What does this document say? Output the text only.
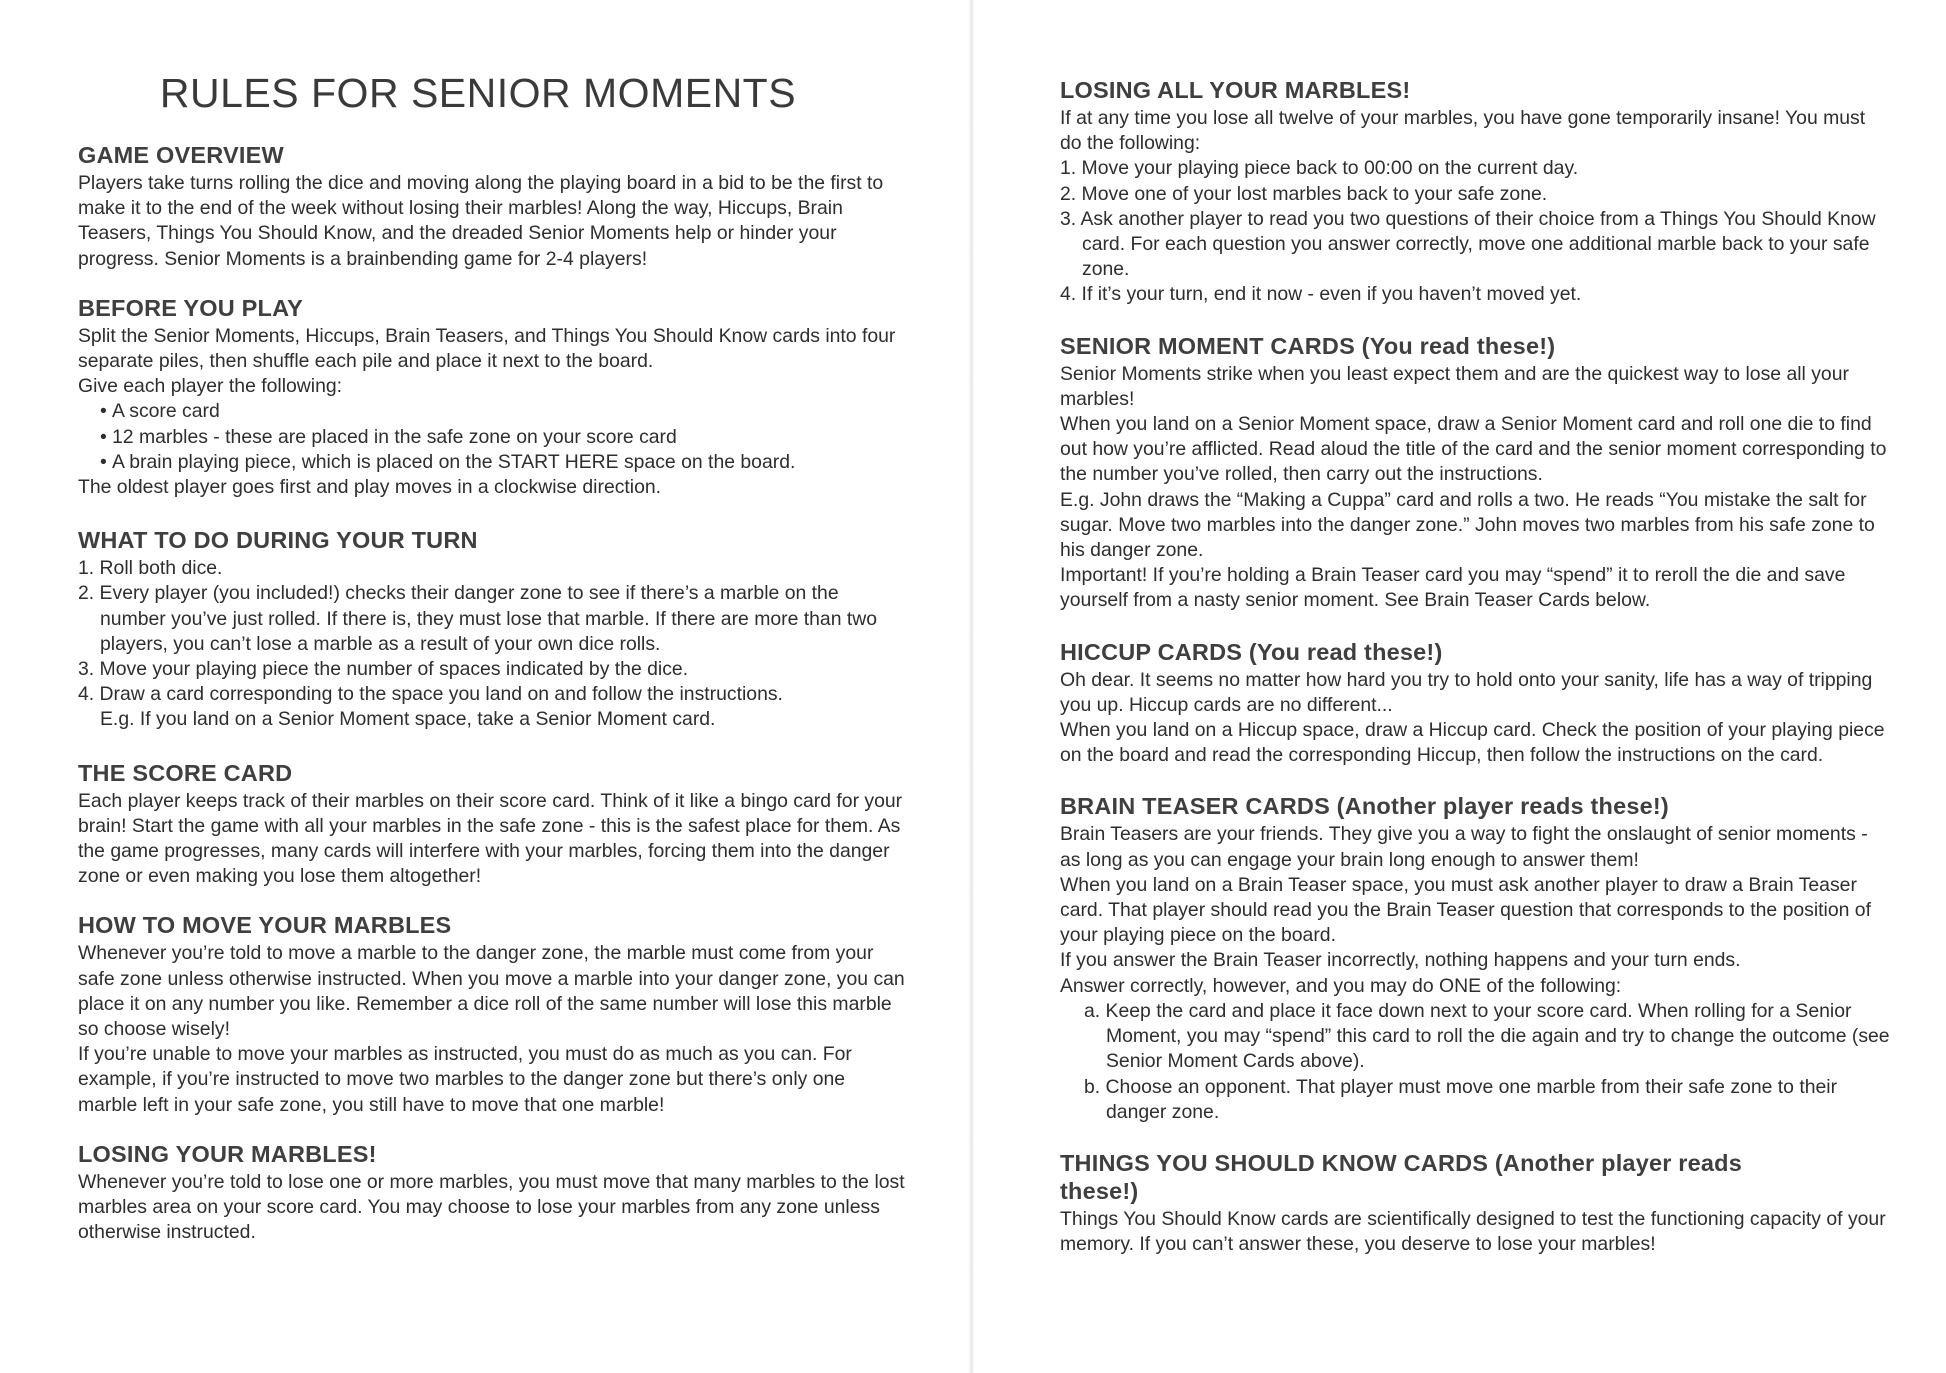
RULES FOR SENIOR MOMENTS
GAME OVERVIEW

Players take turns rolling the dice and moving along the playing board in a bid to be the first to make it to the end of the week without losing their marbles! Along the way, Hiccups, Brain Teasers, Things You Should Know, and the dreaded Senior Moments help or hinder your progress. Senior Moments is a brainbending game for 2-4 players!

BEFORE YOU PLAY

Split the Senior Moments, Hiccups, Brain Teasers, and Things You Should Know cards into four separate piles, then shuffle each pile and place it next to the board.

Give each player the following:

• A score card
• 12 marbles - these are placed in the safe zone on your score card
• A brain playing piece, which is placed on the START HERE space on the board.

The oldest player goes first and play moves in a clockwise direction.

WHAT TO DO DURING YOUR TURN
1. Roll both dice.
2. Every player (you included!) checks their danger zone to see if there’s a marble on the number you’ve just rolled. If there is, they must lose that marble. If there are more than two players, you can’t lose a marble as a result of your own dice rolls.
3. Move your playing piece the number of spaces indicated by the dice.
4. Draw a card corresponding to the space you land on and follow the instructions.

E.g. If you land on a Senior Moment space, take a Senior Moment card.

THE SCORE CARD

Each player keeps track of their marbles on their score card. Think of it like a bingo card for your brain! Start the game with all your marbles in the safe zone - this is the safest place for them. As the game progresses, many cards will interfere with your marbles, forcing them into the danger zone or even making you lose them altogether!

HOW TO MOVE YOUR MARBLES

Whenever you’re told to move a marble to the danger zone, the marble must come from your safe zone unless otherwise instructed. When you move a marble into your danger zone, you can place it on any number you like. Remember a dice roll of the same number will lose this marble so choose wisely!

If you’re unable to move your marbles as instructed, you must do as much as you can. For example, if you’re instructed to move two marbles to the danger zone but there’s only one marble left in your safe zone, you still have to move that one marble!

LOSING YOUR MARBLES!

Whenever you’re told to lose one or more marbles, you must move that many marbles to the lost marbles area on your score card. You may choose to lose your marbles from any zone unless otherwise instructed.

LOSING ALL YOUR MARBLES!

If at any time you lose all twelve of your marbles, you have gone temporarily insane! You must do the following:

1. Move your playing piece back to 00:00 on the current day.
2. Move one of your lost marbles back to your safe zone.
3. Ask another player to read you two questions of their choice from a Things You Should Know card. For each question you answer correctly, move one additional marble back to your safe zone.
4. If it’s your turn, end it now - even if you haven’t moved yet.
SENIOR MOMENT CARDS (You read these!)

Senior Moments strike when you least expect them and are the quickest way to lose all your marbles!

When you land on a Senior Moment space, draw a Senior Moment card and roll one die to find out how you’re afflicted. Read aloud the title of the card and the senior moment corresponding to the number you’ve rolled, then carry out the instructions.

E.g. John draws the “Making a Cuppa” card and rolls a two. He reads “You mistake the salt for sugar. Move two marbles into the danger zone.” John moves two marbles from his safe zone to his danger zone.

Important! If you’re holding a Brain Teaser card you may “spend” it to reroll the die and save yourself from a nasty senior moment. See Brain Teaser Cards below.

HICCUP CARDS (You read these!)

Oh dear. It seems no matter how hard you try to hold onto your sanity, life has a way of tripping you up. Hiccup cards are no different...

When you land on a Hiccup space, draw a Hiccup card. Check the position of your playing piece on the board and read the corresponding Hiccup, then follow the instructions on the card.

BRAIN TEASER CARDS (Another player reads these!)

Brain Teasers are your friends. They give you a way to fight the onslaught of senior moments - as long as you can engage your brain long enough to answer them!

When you land on a Brain Teaser space, you must ask another player to draw a Brain Teaser card. That player should read you the Brain Teaser question that corresponds to the position of your playing piece on the board.

If you answer the Brain Teaser incorrectly, nothing happens and your turn ends.

Answer correctly, however, and you may do ONE of the following:

a. Keep the card and place it face down next to your score card. When rolling for a Senior Moment, you may “spend” this card to roll the die again and try to change the outcome (see Senior Moment Cards above).
b. Choose an opponent. That player must move one marble from their safe zone to their danger zone.
THINGS YOU SHOULD KNOW CARDS (Another player reads these!)

Things You Should Know cards are scientifically designed to test the functioning capacity of your memory. If you can’t answer these, you deserve to lose your marbles!
